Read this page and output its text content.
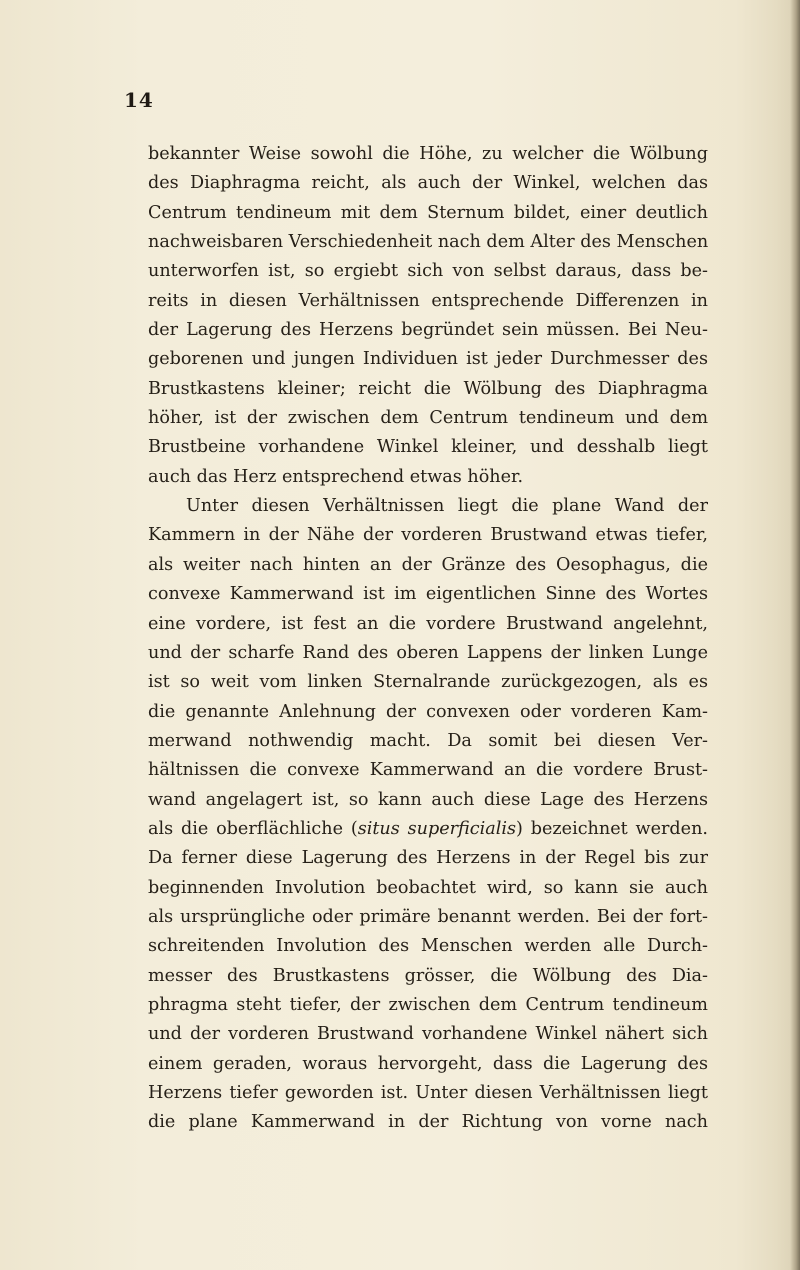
14
bekannter Weise sowohl die Höhe, zu welcher die Wölbung
des Diaphragma reicht, als auch der Winkel, welchen das
Centrum tendineum mit dem Sternum bildet, einer deutlich
nachweisbaren Verschiedenheit nach dem Alter des Menschen
unterworfen ist, so ergiebt sich von selbst daraus, dass be-
reits in diesen Verhältnissen entsprechende Differenzen in
der Lagerung des Herzens begründet sein müssen. Bei Neu-
geborenen und jungen Individuen ist jeder Durchmesser des
Brustkastens kleiner; reicht die Wölbung des Diaphragma
höher, ist der zwischen dem Centrum tendineum und dem
Brustbeine vorhandene Winkel kleiner, und desshalb liegt
auch das Herz entsprechend etwas höher.
Unter diesen Verhältnissen liegt die plane Wand der
Kammern in der Nähe der vorderen Brustwand etwas tiefer,
als weiter nach hinten an der Gränze des Oesophagus, die
convexe Kammerwand ist im eigentlichen Sinne des Wortes
eine vordere, ist fest an die vordere Brustwand angelehnt,
und der scharfe Rand des oberen Lappens der linken Lunge
ist so weit vom linken Sternalrande zurückgezogen, als es
die genannte Anlehnung der convexen oder vorderen Kam-
merwand nothwendig macht. Da somit bei diesen Ver-
hältnissen die convexe Kammerwand an die vordere Brust-
wand angelagert ist, so kann auch diese Lage des Herzens
als die oberflächliche (situs superficialis) bezeichnet werden.
Da ferner diese Lagerung des Herzens in der Regel bis zur
beginnenden Involution beobachtet wird, so kann sie auch
als ursprüngliche oder primäre benannt werden. Bei der fort-
schreitenden Involution des Menschen werden alle Durch-
messer des Brustkastens grösser, die Wölbung des Dia-
phragma steht tiefer, der zwischen dem Centrum tendineum
und der vorderen Brustwand vorhandene Winkel nähert sich
einem geraden, woraus hervorgeht, dass die Lagerung des
Herzens tiefer geworden ist. Unter diesen Verhältnissen liegt
die plane Kammerwand in der Richtung von vorne nach
